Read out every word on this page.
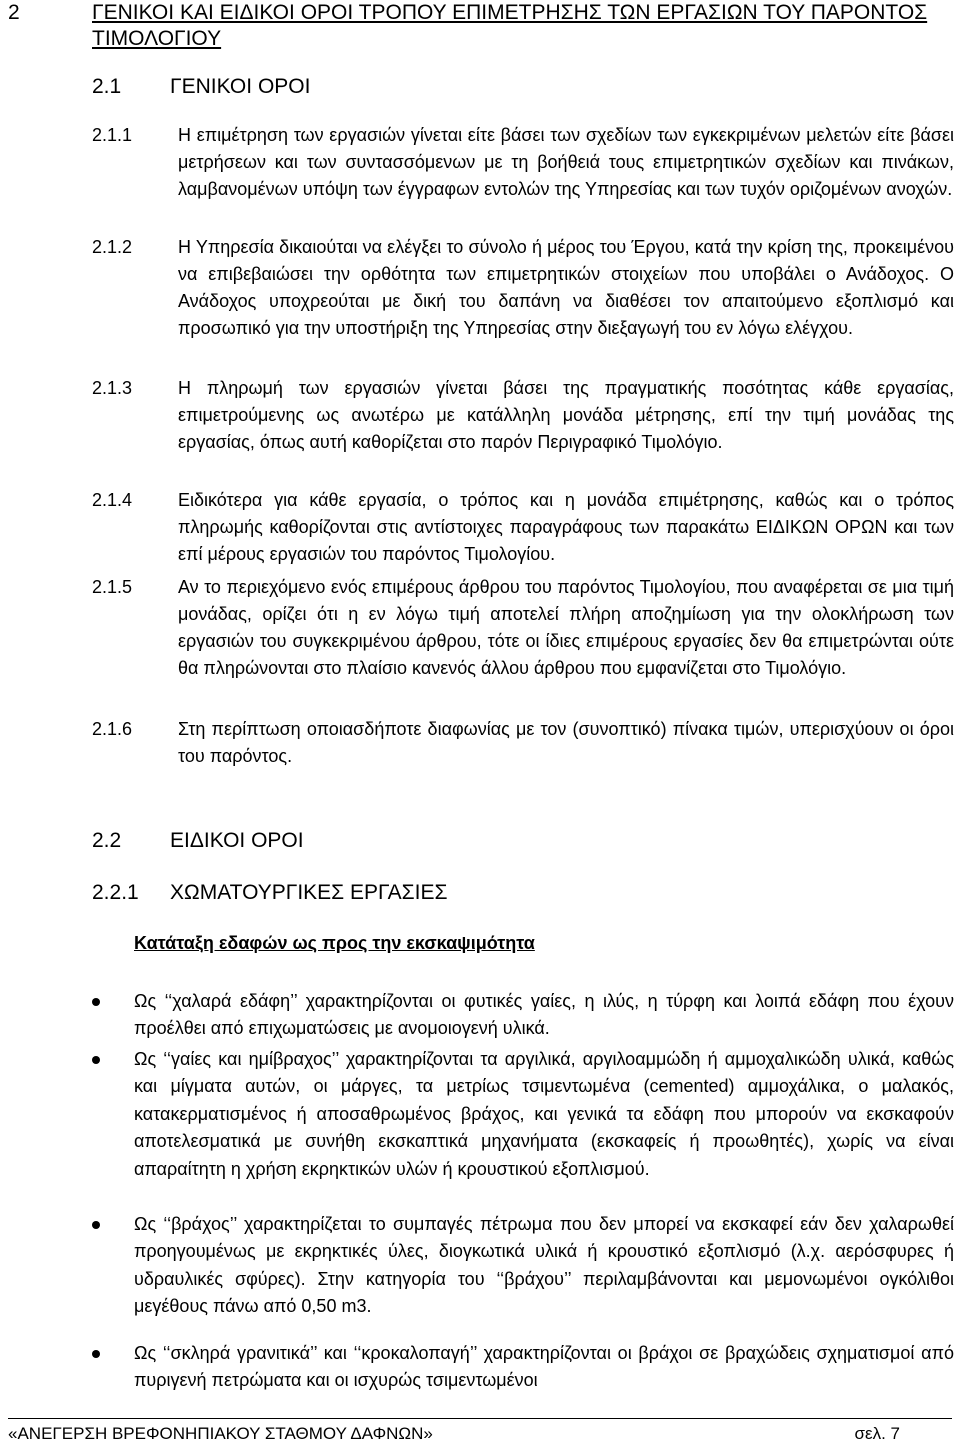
2	ΓΕΝΙΚΟΙ ΚΑΙ ΕΙΔΙΚΟΙ ΟΡΟΙ ΤΡΟΠΟΥ ΕΠΙΜΕΤΡΗΣΗΣ ΤΩΝ ΕΡΓΑΣΙΩΝ ΤΟΥ ΠΑΡΟΝΤΟΣ ΤΙΜΟΛΟΓΙΟΥ
2.1 ΓΕΝΙΚΟΙ ΟΡΟΙ
2.1.1	Η επιμέτρηση των εργασιών γίνεται είτε βάσει των σχεδίων των εγκεκριμένων μελετών είτε βάσει μετρήσεων και των συντασσόμενων με τη βοήθειά τους επιμετρητικών σχεδίων και πινάκων, λαμβανομένων υπόψη των έγγραφων εντολών της Υπηρεσίας και των τυχόν οριζομένων ανοχών.
2.1.2	Η Υπηρεσία δικαιούται να ελέγξει το σύνολο ή μέρος του Έργου, κατά την κρίση της, προκειμένου να επιβεβαιώσει την ορθότητα των επιμετρητικών στοιχείων που υποβάλει ο Ανάδοχος. Ο Ανάδοχος υποχρεούται με δική του δαπάνη να διαθέσει τον απαιτούμενο εξοπλισμό και προσωπικό για την υποστήριξη της Υπηρεσίας στην διεξαγωγή του εν λόγω ελέγχου.
2.1.3	Η πληρωμή των εργασιών γίνεται βάσει της πραγματικής ποσότητας κάθε εργασίας, επιμετρούμενης ως ανωτέρω με κατάλληλη μονάδα μέτρησης, επί την τιμή μονάδας της εργασίας, όπως αυτή καθορίζεται στο παρόν Περιγραφικό Τιμολόγιο.
2.1.4	Ειδικότερα για κάθε εργασία, ο τρόπος και η μονάδα επιμέτρησης, καθώς και ο τρόπος πληρωμής καθορίζονται στις αντίστοιχες παραγράφους των παρακάτω ΕΙΔΙΚΩΝ ΟΡΩΝ και των επί μέρους εργασιών του παρόντος Τιμολογίου.
2.1.5	Αν το περιεχόμενο ενός επιμέρους άρθρου του παρόντος Τιμολογίου, που αναφέρεται σε μια τιμή μονάδας, ορίζει ότι η εν λόγω τιμή αποτελεί πλήρη αποζημίωση για την ολοκλήρωση των εργασιών του συγκεκριμένου άρθρου, τότε οι ίδιες επιμέρους εργασίες δεν θα επιμετρώνται ούτε θα πληρώνονται στο πλαίσιο κανενός άλλου άρθρου που εμφανίζεται στο Τιμολόγιο.
2.1.6	Στη περίπτωση οποιασδήποτε διαφωνίας με τον (συνοπτικό) πίνακα τιμών, υπερισχύουν οι όροι του παρόντος.
2.2 ΕΙΔΙΚΟΙ ΟΡΟΙ
2.2.1 ΧΩΜΑΤΟΥΡΓΙΚΕΣ ΕΡΓΑΣΙΕΣ
Κατάταξη εδαφών ως προς την εκσκαψιμότητα
Ως ‘‘χαλαρά εδάφη’’ χαρακτηρίζονται οι φυτικές γαίες, η ιλύς, η τύρφη και λοιπά εδάφη που έχουν προέλθει από επιχωματώσεις με ανομοιογενή υλικά.
Ως ‘‘γαίες και ημίβραχος’’ χαρακτηρίζονται τα αργιλικά, αργιλοαμμώδη ή αμμοχαλικώδη υλικά, καθώς και μίγματα αυτών, οι μάργες, τα μετρίως τσιμεντωμένα (cemented) αμμοχάλικα, ο μαλακός, κατακερματισμένος ή αποσαθρωμένος βράχος, και γενικά τα εδάφη που μπορούν να εκσκαφούν αποτελεσματικά με συνήθη εκσκαπτικά μηχανήματα (εκσκαφείς ή προωθητές), χωρίς να είναι απαραίτητη η χρήση εκρηκτικών υλών ή κρουστικού εξοπλισμού.
Ως ‘‘βράχος’’ χαρακτηρίζεται το συμπαγές πέτρωμα που δεν μπορεί να εκσκαφεί εάν δεν χαλαρωθεί προηγουμένως με εκρηκτικές ύλες, διογκωτικά υλικά ή κρουστικό εξοπλισμό (λ.χ. αερόσφυρες ή υδραυλικές σφύρες). Στην κατηγορία του ‘‘βράχου’’ περιλαμβάνονται και μεμονωμένοι ογκόλιθοι μεγέθους πάνω από 0,50 m3.
Ως ‘‘σκληρά γρανιτικά’’ και ‘‘κροκαλοπαγή’’ χαρακτηρίζονται οι βράχοι σε βραχώδεις σχηματισμοί από πυριγενή πετρώματα και οι ισχυρώς τσιμεντωμένοι
«ΑΝΕΓΕΡΣΗ ΒΡΕΦΟΝΗΠΙΑΚΟΥ ΣΤΑΘΜΟΥ ΔΑΦΝΩΝ»	σελ. 7
